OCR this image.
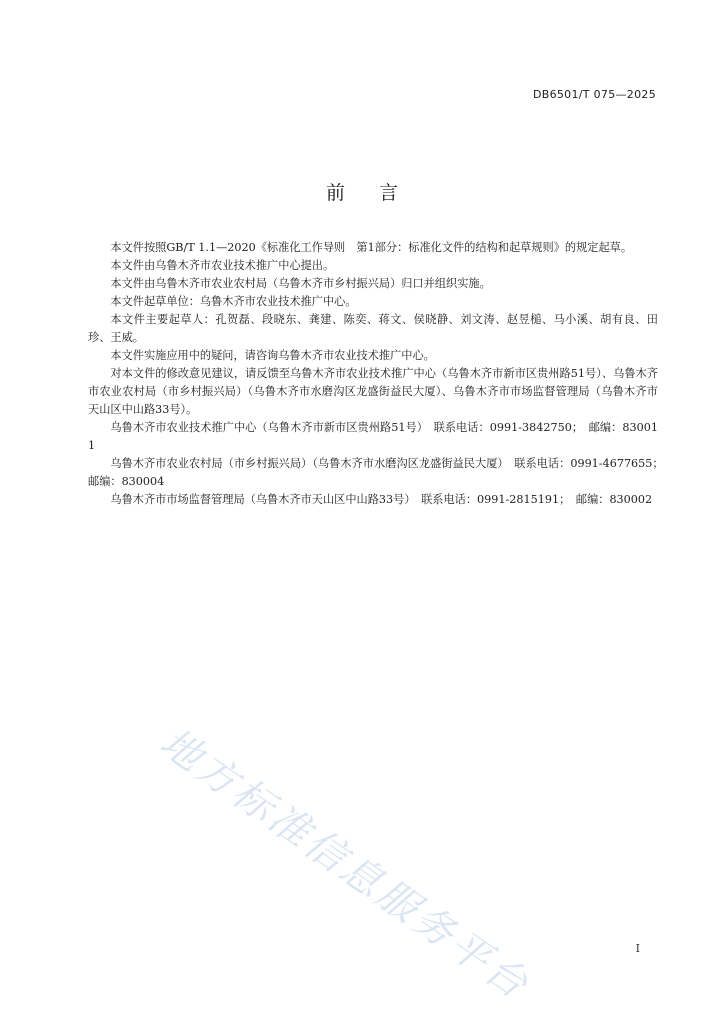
DB6501/T 075—2025
前言

本文件按照GB/T 1.1—2020《标准化工作导则　第1部分：标准化文件的结构和起草规则》的规定起草。

本文件由乌鲁木齐市农业技术推广中心提出。

本文件由乌鲁木齐市农业农村局（乌鲁木齐市乡村振兴局）归口并组织实施。

本文件起草单位：乌鲁木齐市农业技术推广中心。

本文件主要起草人：孔贺磊、段晓东、龚建、陈奕、蒋文、侯晓静、刘文涛、赵昱槌、马小溪、胡有良、田珍、王威。

本文件实施应用中的疑问，请咨询乌鲁木齐市农业技术推广中心。

对本文件的修改意见建议，请反馈至乌鲁木齐市农业技术推广中心（乌鲁木齐市新市区贵州路51号）、乌鲁木齐市农业农村局（市乡村振兴局）（乌鲁木齐市水磨沟区龙盛街益民大厦）、乌鲁木齐市市场监督管理局（乌鲁木齐市天山区中山路33号）。

乌鲁木齐市农业技术推广中心（乌鲁木齐市新市区贵州路51号）　联系电话：0991-3842750；　邮编：830011

乌鲁木齐市农业农村局（市乡村振兴局）（乌鲁木齐市水磨沟区龙盛街益民大厦）　联系电话：0991-4677655；　邮编：830004

乌鲁木齐市市场监督管理局（乌鲁木齐市天山区中山路33号）　联系电话：0991-2815191；　邮编：830002

地方标准信息服务平台	I
